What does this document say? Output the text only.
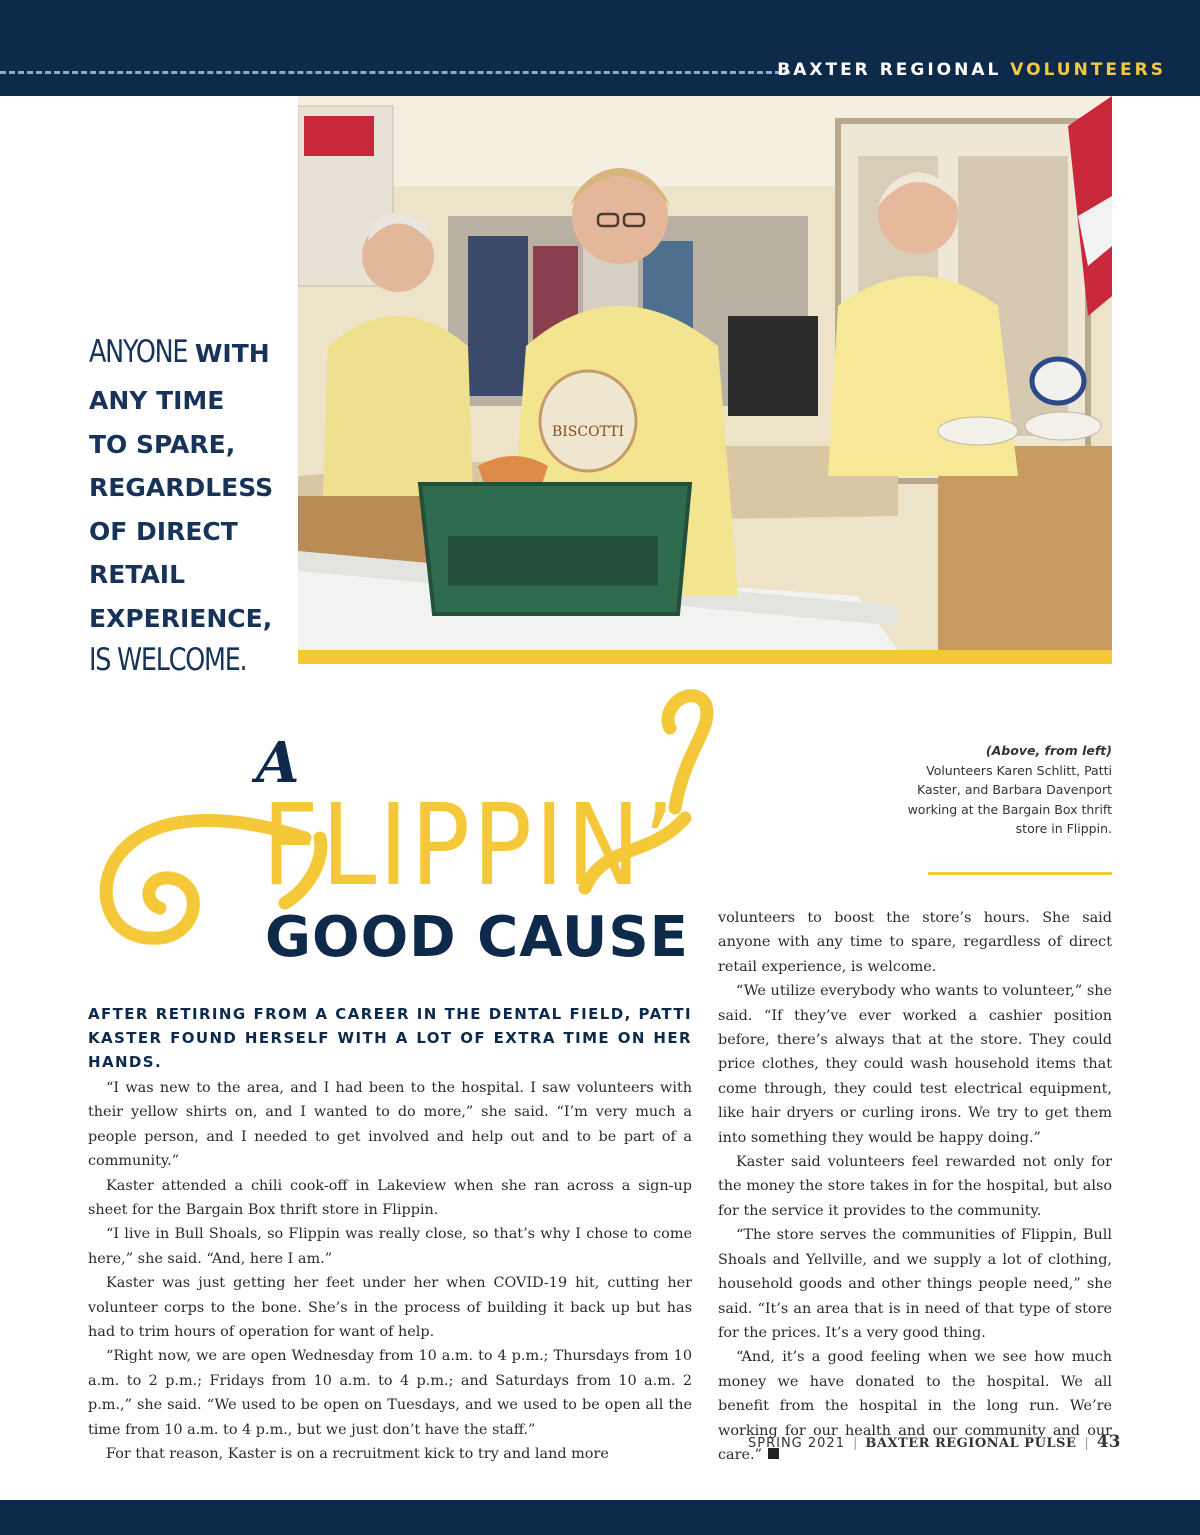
BAXTER REGIONAL VOLUNTEERS
ANYONE WITH
ANY TIME
TO SPARE,
REGARDLESS
OF DIRECT
RETAIL
EXPERIENCE,
IS WELCOME.
BISCOTTI
(Above, from left)
Volunteers Karen Schlitt, Patti Kaster, and Barbara Davenport working at the Bargain Box thrift store in Flippin.
A
FLIPPIN’
GOOD CAUSE
AFTER RETIRING FROM A CAREER IN THE DENTAL FIELD, PATTI KASTER FOUND HERSELF WITH A LOT OF EXTRA TIME ON HER HANDS.

“I was new to the area, and I had been to the hospital. I saw volunteers with their yellow shirts on, and I wanted to do more,” she said. “I’m very much a people person, and I needed to get involved and help out and to be part of a community.”

Kaster attended a chili cook-off in Lakeview when she ran across a sign-up sheet for the Bargain Box thrift store in Flippin.

“I live in Bull Shoals, so Flippin was really close, so that’s why I chose to come here,” she said. “And, here I am.”

Kaster was just getting her feet under her when COVID-19 hit, cutting her volunteer corps to the bone. She’s in the process of building it back up but has had to trim hours of operation for want of help.

“Right now, we are open Wednesday from 10 a.m. to 4 p.m.; Thursdays from 10 a.m. to 2 p.m.; Fridays from 10 a.m. to 4 p.m.; and Saturdays from 10 a.m. 2 p.m.,” she said. “We used to be open on Tuesdays, and we used to be open all the time from 10 a.m. to 4 p.m., but we just don’t have the staff.”

For that reason, Kaster is on a recruitment kick to try and land more

volunteers to boost the store’s hours. She said anyone with any time to spare, regardless of direct retail experience, is welcome.

“We utilize everybody who wants to volunteer,” she said. “If they’ve ever worked a cashier position before, there’s always that at the store. They could price clothes, they could wash household items that come through, they could test electrical equipment, like hair dryers or curling irons. We try to get them into something they would be happy doing.”

Kaster said volunteers feel rewarded not only for the money the store takes in for the hospital, but also for the service it provides to the community.

“The store serves the communities of Flippin, Bull Shoals and Yellville, and we supply a lot of clothing, household goods and other things people need,” she said. “It’s an area that is in need of that type of store for the prices. It’s a very good thing.

“And, it’s a good feeling when we see how much money we have donated to the hospital. We all benefit from the hospital in the long run. We’re working for our health and our community and our care.”

SPRING 2021 | BAXTER REGIONAL PULSE | 43
